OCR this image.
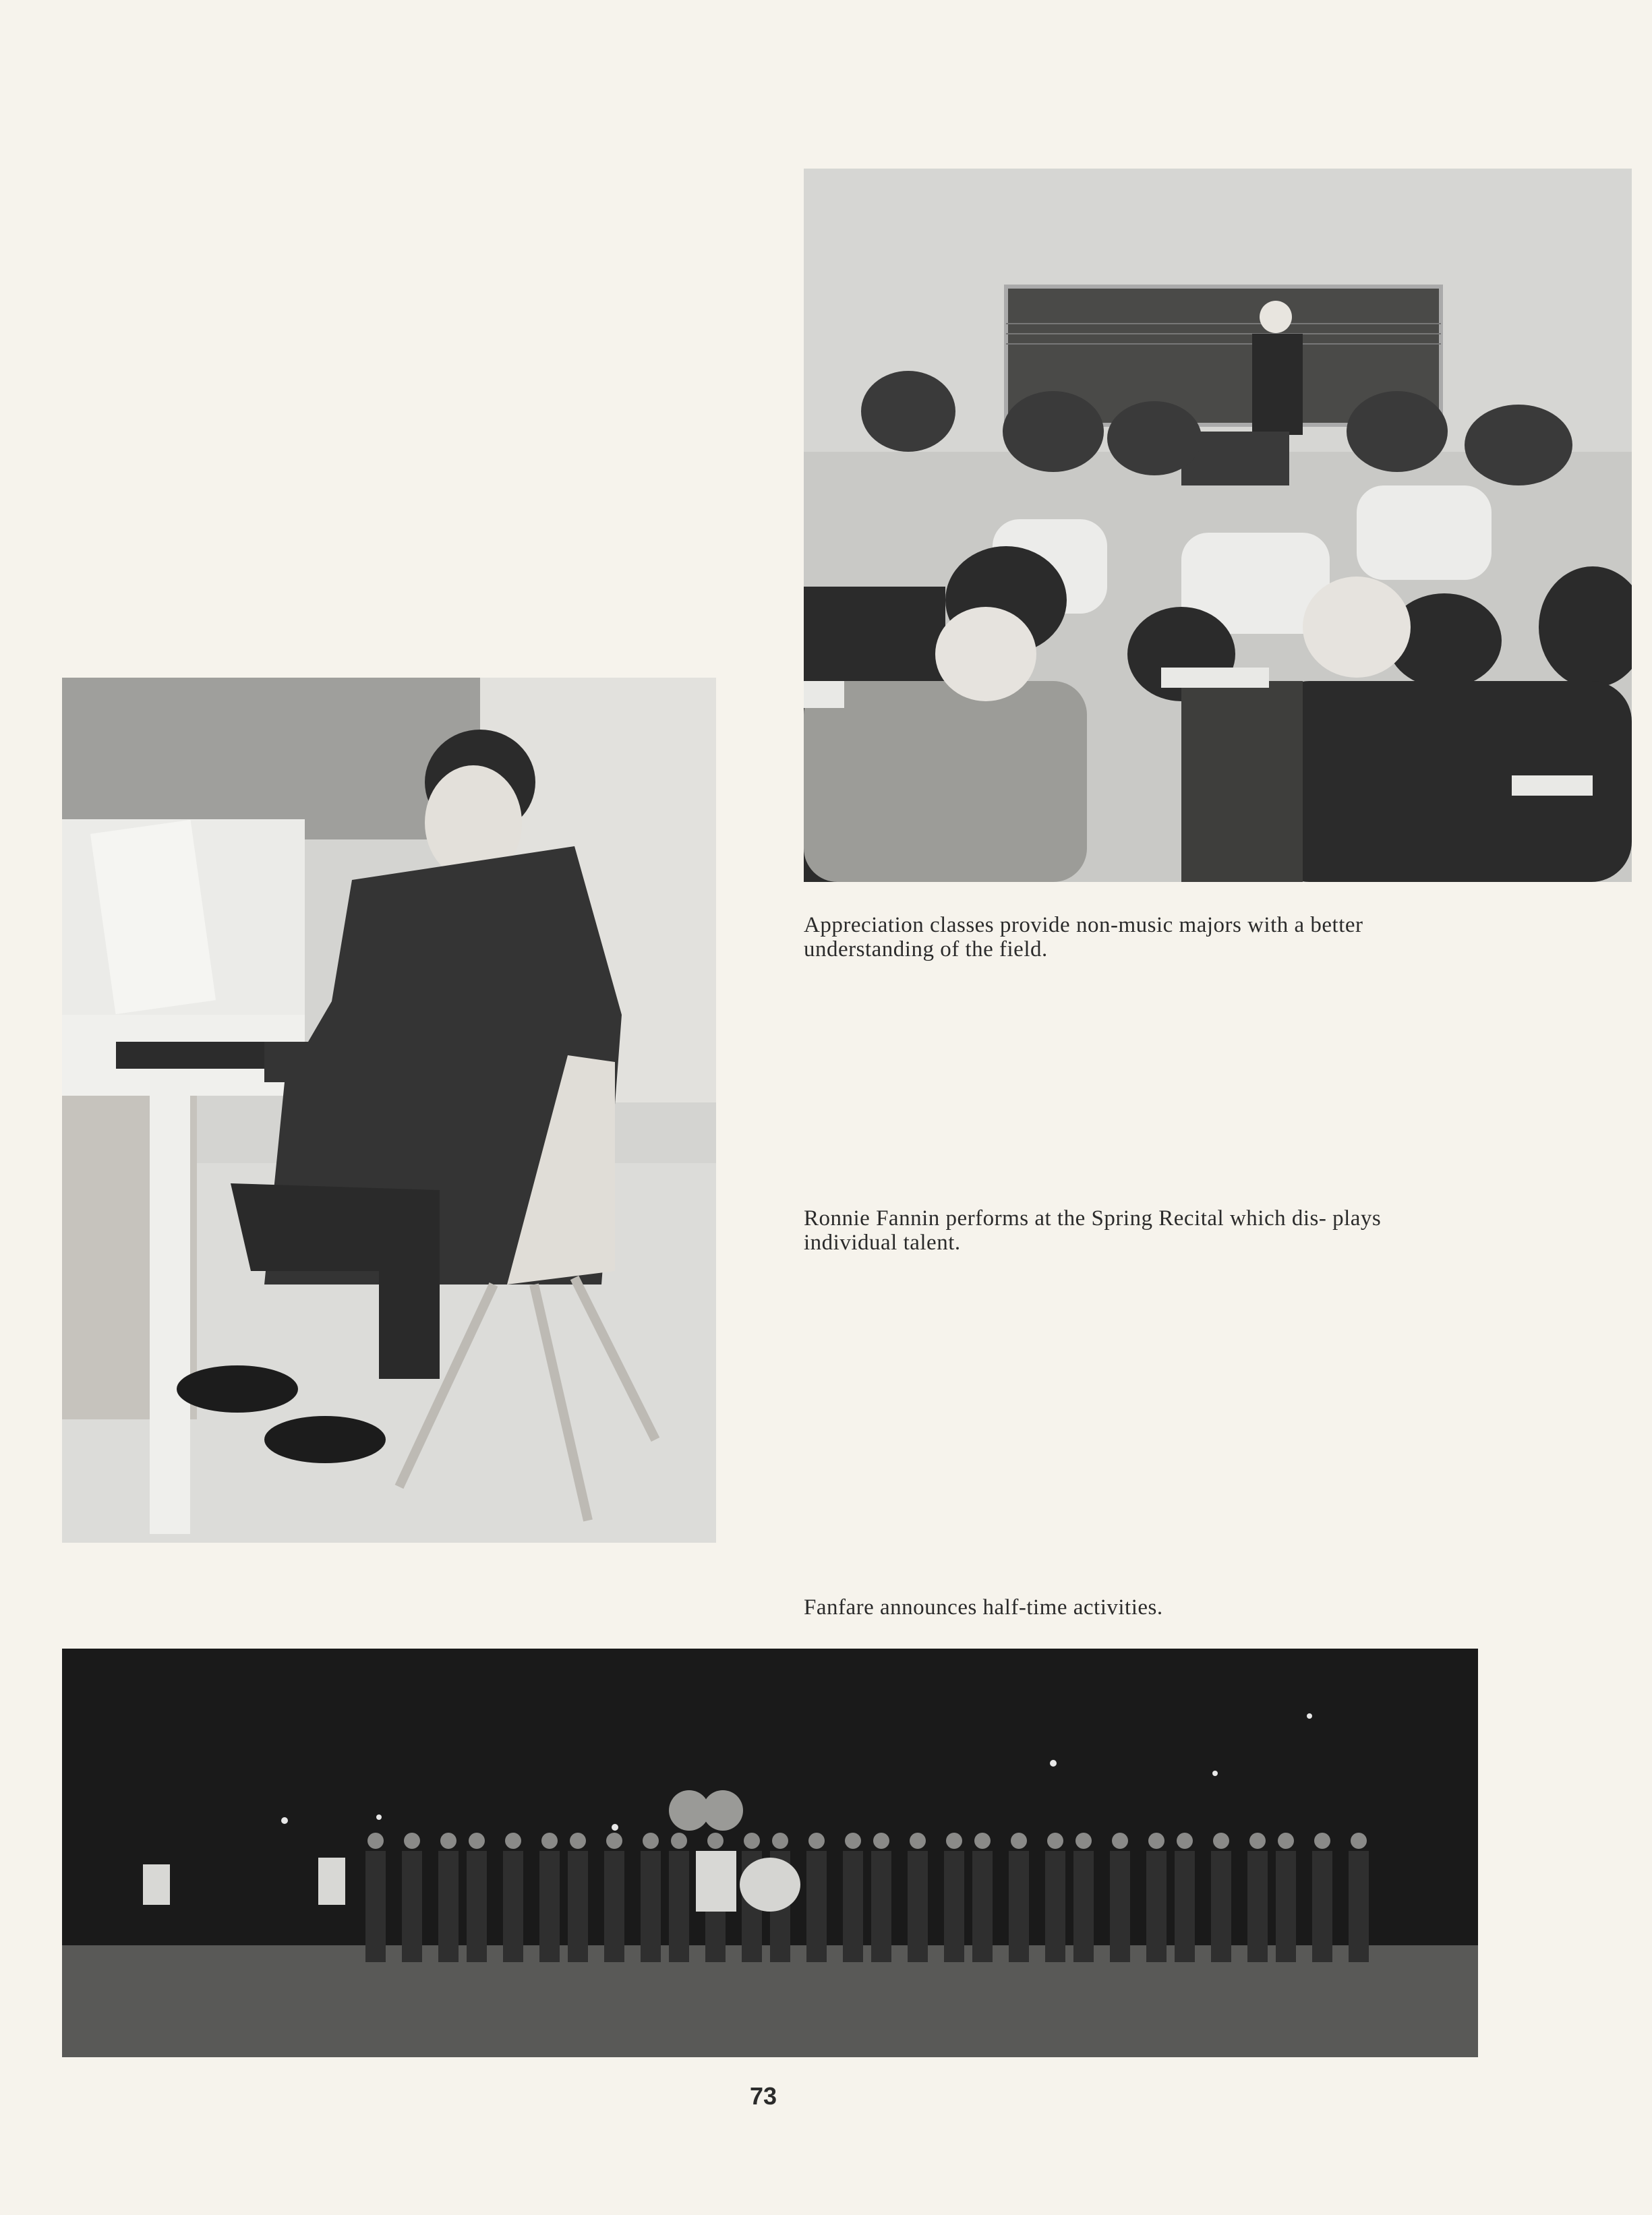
Appreciation classes provide non-music majors with a better understanding of the field.
Ronnie Fannin performs at the Spring Recital which dis- plays individual talent.
Fanfare announces half-time activities.
73
